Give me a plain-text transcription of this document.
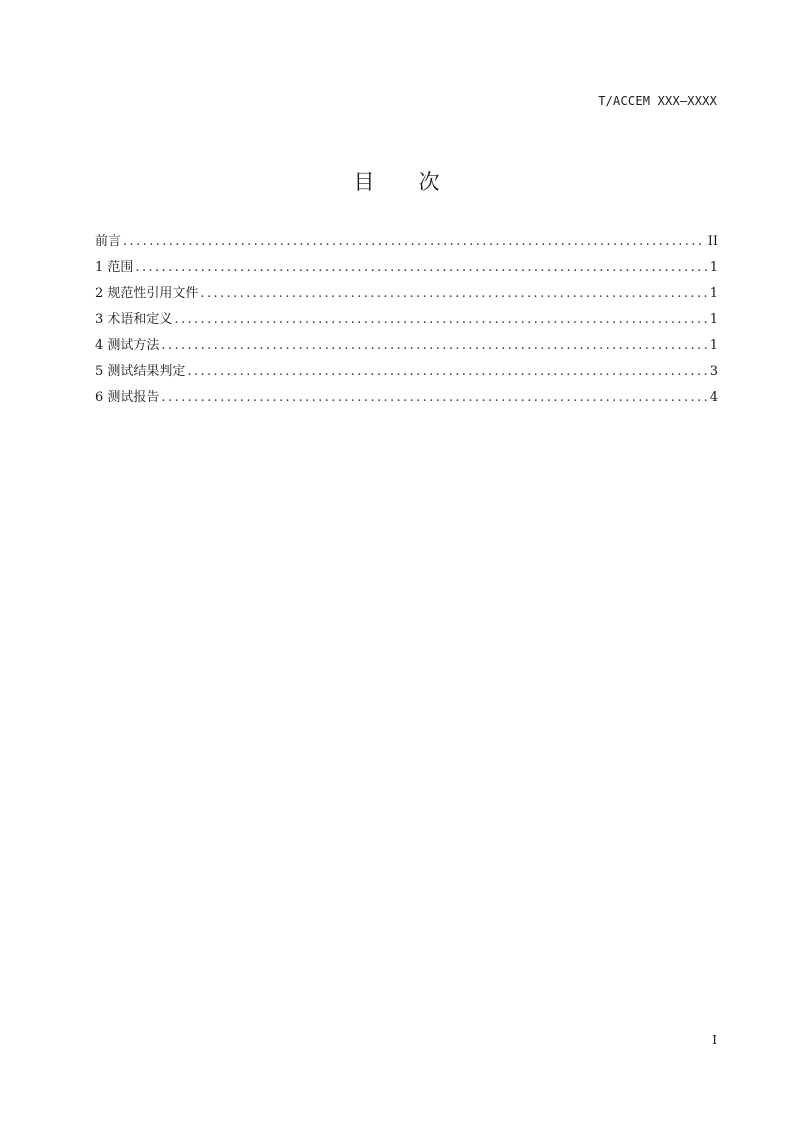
T/ACCEM XXX—XXXX
目 次
前言 .....	II
1 范围 .....	1
2 规范性引用文件 .....	1
3 术语和定义 .....	1
4 测试方法 .....	1
5 测试结果判定 .....	3
6 测试报告 .....	4
I
